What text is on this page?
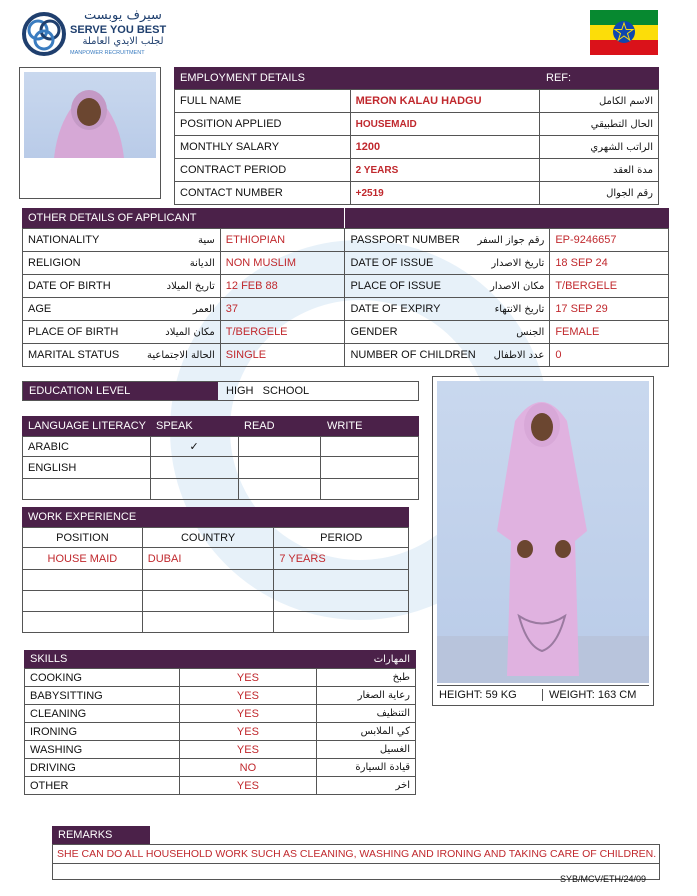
سيرف يوبست
SERVE YOU BEST
لجلب الايدي العاملة
MANPOWER RECRUITMENT
EMPLOYMENT DETAILS	REF:
FULL NAME	MERON KALAU HADGU	الاسم الكامل
POSITION APPLIED	HOUSEMAID	الحال التطبيقي
MONTHLY SALARY	1200	الراتب الشهري
CONTRACT PERIOD	2 YEARS	مدة العقد
CONTACT NUMBER	+2519	رقم الجوال
OTHER DETAILS OF APPLICANT
NATIONALITY سية	ETHIOPIAN	PASSPORT NUMBER رقم جواز السفر	EP-9246657

RELIGION الديانة	NON MUSLIM	DATE OF ISSUE تاريخ الاصدار	18 SEP 24

DATE OF BIRTH تاريخ الميلاد	12 FEB 88	PLACE OF ISSUE مكان الاصدار	T/BERGELE

AGE العمر	37	DATE OF EXPIRY تاريخ الانتهاء	17 SEP 29

PLACE OF BIRTH مكان الميلاد	T/BERGELE	GENDER الجنس	FEMALE

MARITAL STATUS الحالة الاجتماعية	SINGLE	NUMBER OF CHILDREN عدد الاطفال	0
EDUCATION LEVEL	HIGH   SCHOOL
LANGUAGE LITERACY SPEAK	READ	WRITE
ARABIC	✓		
ENGLISH			

WORK EXPERIENCE
POSITION	COUNTRY	PERIOD
HOUSE MAID	DUBAI	7 YEARS

SKILLS	المهارات
COOKING	YES	طبخ
BABYSITTING	YES	رعاية الصغار
CLEANING	YES	التنظيف
IRONING	YES	كي الملابس
WASHING	YES	الغسيل
DRIVING	NO	قيادة السيارة
OTHER	YES	اخر
HEIGHT: 59 KG	WEIGHT: 163 CM
REMARKS
SHE CAN DO ALL HOUSEHOLD WORK SUCH AS CLEANING, WASHING AND IRONING AND TAKING CARE OF CHILDREN.
SYB/MCV/ETH/24/09
